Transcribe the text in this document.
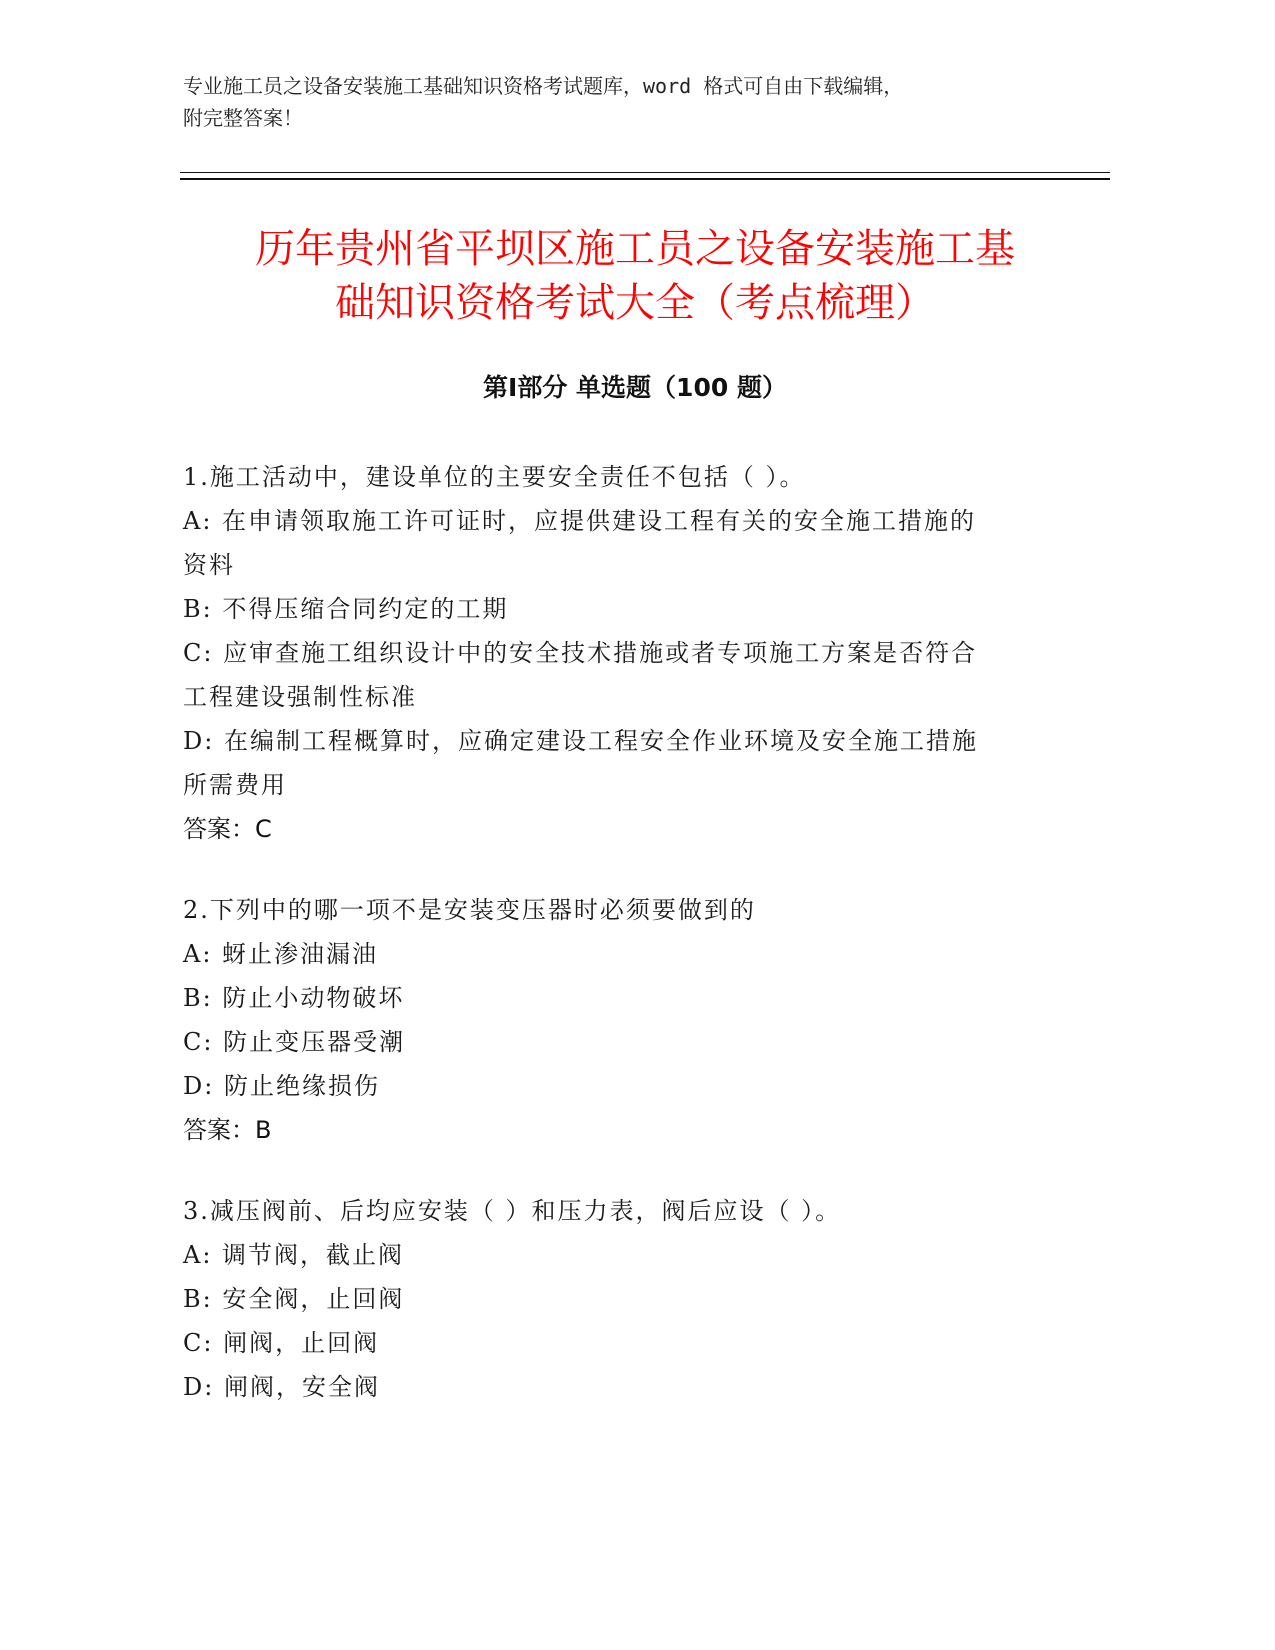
专业施工员之设备安装施工基础知识资格考试题库，word 格式可自由下载编辑，
附完整答案！
历年贵州省平坝区施工员之设备安装施工基
础知识资格考试大全（考点梳理）
第Ⅰ部分 单选题（100 题）

1.施工活动中，建设单位的主要安全责任不包括（ ）。

A: 在申请领取施工许可证时，应提供建设工程有关的安全施工措施的

资料

B: 不得压缩合同约定的工期

C: 应审查施工组织设计中的安全技术措施或者专项施工方案是否符合

工程建设强制性标准

D: 在编制工程概算时，应确定建设工程安全作业环境及安全施工措施

所需费用

答案：C

2.下列中的哪一项不是安装变压器时必须要做到的

A: 蚜止渗油漏油

B: 防止小动物破坏

C: 防止变压器受潮

D: 防止绝缘损伤

答案：B

3.减压阀前、后均应安装（ ）和压力表，阀后应设（ ）。

A: 调节阀，截止阀

B: 安全阀，止回阀

C: 闸阀，止回阀

D: 闸阀，安全阀
